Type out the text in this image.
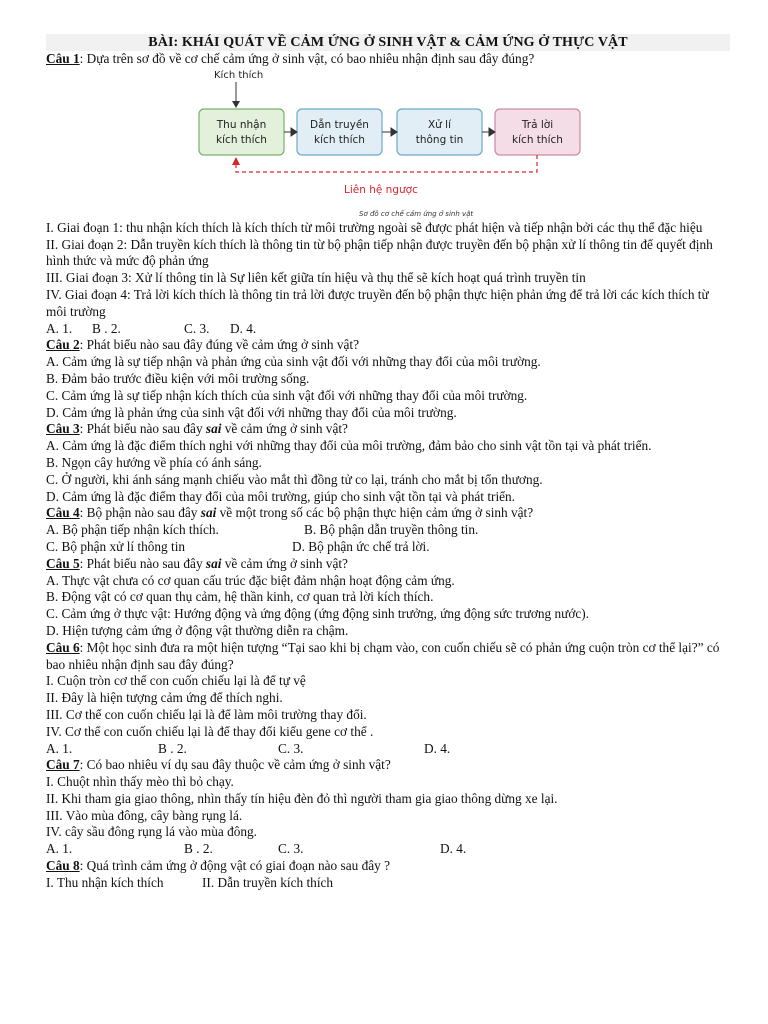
BÀI: KHÁI QUÁT VỀ CẢM ỨNG Ở SINH VẬT & CẢM ỨNG Ở THỰC VẬT
Câu 1: Dựa trên sơ đồ về cơ chế cảm ứng ở sinh vật, có bao nhiêu nhận định sau đây đúng?
Kích thích
Thu nhận
kích thích
Dẫn truyền
kích thích
Xử lí
thông tin
Trả lời
kích thích
Liên hệ ngược
Sơ đồ cơ chế cảm ứng ở sinh vật
I. Giai đoạn 1: thu nhận kích thích là kích thích từ môi trường ngoài sẽ được phát hiện và tiếp nhận bởi các thụ thể đặc hiệu
II. Giai đoạn 2: Dẫn truyền kích thích là thông tin từ bộ phận tiếp nhận được truyền đến bộ phận xử lí thông tin để quyết định hình thức và mức độ phản ứng
III. Giai đoạn 3: Xử lí thông tin là Sự liên kết giữa tín hiệu và thụ thể sẽ kích hoạt quá trình truyền tin
IV. Giai đoạn 4: Trả lời kích thích là thông tin trả lời được truyền đến bộ phận thực hiện phản ứng để trả lời các kích thích từ môi trường
A. 1. B . 2.	C. 3. D. 4.
Câu 2: Phát biểu nào sau đây đúng về cảm ứng ở sinh vật?
A. Cảm ứng là sự tiếp nhận và phản ứng của sinh vật đối với những thay đổi của môi trường.
B. Đảm bảo trước điều kiện với môi trường sống.
C. Cảm ứng là sự tiếp nhận kích thích của sinh vật đối với những thay đổi của môi trường.
D. Cảm ứng là phản ứng của sinh vật đối với những thay đổi của môi trường.
Câu 3: Phát biểu nào sau đây sai về cảm ứng ở sinh vật?
A. Cảm ứng là đặc điểm thích nghi với những thay đổi của môi trường, đảm bảo cho sinh vật tồn tại và phát triển.
B. Ngọn cây hướng về phía có ánh sáng.
C. Ở người, khi ánh sáng mạnh chiếu vào mắt thì đồng tử co lại, tránh cho mắt bị tổn thương.
D. Cảm ứng là đặc điểm thay đổi của môi trường, giúp cho sinh vật tồn tại và phát triển.
Câu 4: Bộ phận nào sau đây sai về một trong số các bộ phận thực hiện cảm ứng ở sinh vật?
A. Bộ phận tiếp nhận kích thích.	B. Bộ phận dẫn truyền thông tin.
C. Bộ phận xử lí thông tin	D. Bộ phận ức chế trả lời.
Câu 5: Phát biểu nào sau đây sai về cảm ứng ở sinh vật?
A. Thực vật chưa có cơ quan cấu trúc đặc biệt đảm nhận hoạt động cảm ứng.
B. Động vật có cơ quan thụ cảm, hệ thần kinh, cơ quan trả lời kích thích.
C. Cảm ứng ở thực vật: Hướng động và ứng động (ứng động sinh trưởng, ứng động sức trương nước).
D. Hiện tượng cảm ứng ở động vật thường diễn ra chậm.
Câu 6: Một học sinh đưa ra một hiện tượng “Tại sao khi bị chạm vào, con cuốn chiếu sẽ có phản ứng cuộn tròn cơ thể lại?” có bao nhiêu nhận định sau đây đúng?
I. Cuộn tròn cơ thể con cuốn chiếu lại là để tự vệ
II. Đây là hiện tượng cảm ứng để thích nghi.
III. Cơ thể con cuốn chiếu lại là để làm môi trường thay đổi.
IV. Cơ thể con cuốn chiếu lại là để thay đổi kiểu gene cơ thể .
A. 1.	B . 2.	C. 3.	D. 4.
Câu 7: Có bao nhiêu ví dụ sau đây thuộc về cảm ứng ở sinh vật?
I. Chuột nhìn thấy mèo thì bỏ chạy.
II. Khi tham gia giao thông, nhìn thấy tín hiệu đèn đỏ thì người tham gia giao thông dừng xe lại.
III. Vào mùa đông, cây bàng rụng lá.
IV. cây sầu đông rụng lá vào mùa đông.
A. 1.	B . 2.	C. 3.	D. 4.
Câu 8: Quá trình cảm ứng ở động vật có giai đoạn nào sau đây ?
I. Thu nhận kích thích	II. Dẫn truyền kích thích
